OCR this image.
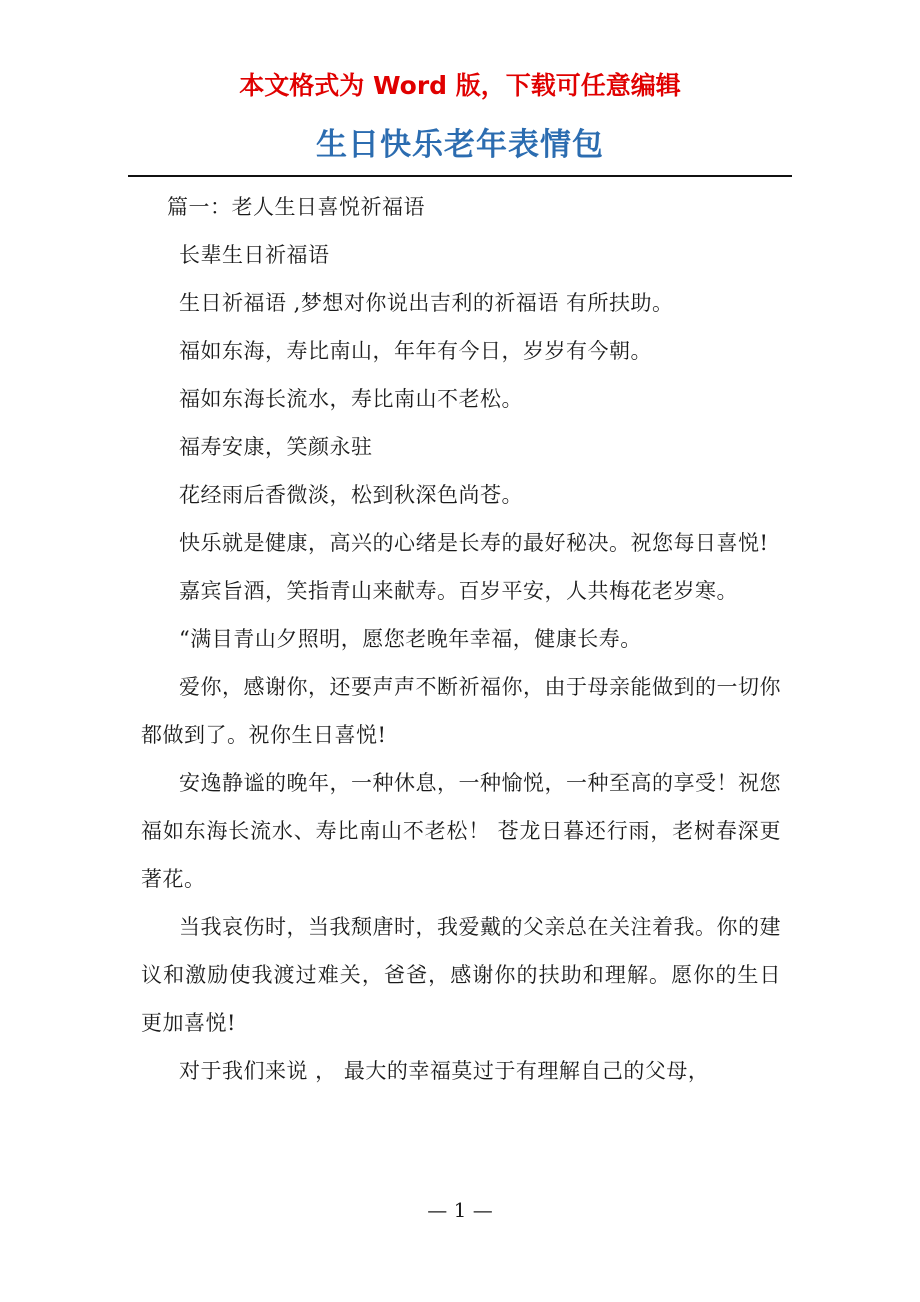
本文格式为 Word 版，下载可任意编辑
生日快乐老年表情包

篇一：老人生日喜悦祈福语

长辈生日祈福语

生日祈福语 ,梦想对你说出吉利的祈福语 有所扶助。

福如东海，寿比南山，年年有今日，岁岁有今朝。

福如东海长流水，寿比南山不老松。

福寿安康，笑颜永驻

花经雨后香微淡，松到秋深色尚苍。

快乐就是健康，高兴的心绪是长寿的最好秘决。祝您每日喜悦!

嘉宾旨酒，笑指青山来献寿。百岁平安，人共梅花老岁寒。

“满目青山夕照明，愿您老晚年幸福，健康长寿。

爱你，感谢你，还要声声不断祈福你，由于母亲能做到的一切你都做到了。祝你生日喜悦!

安逸静谧的晚年，一种休息，一种愉悦，一种至高的享受！祝您福如东海长流水、寿比南山不老松！ 苍龙日暮还行雨，老树春深更著花。

当我哀伤时，当我颓唐时，我爱戴的父亲总在关注着我。你的建议和激励使我渡过难关，爸爸，感谢你的扶助和理解。愿你的生日更加喜悦!

对于我们来说 ， 最大的幸福莫过于有理解自己的父母，

— 1 —
